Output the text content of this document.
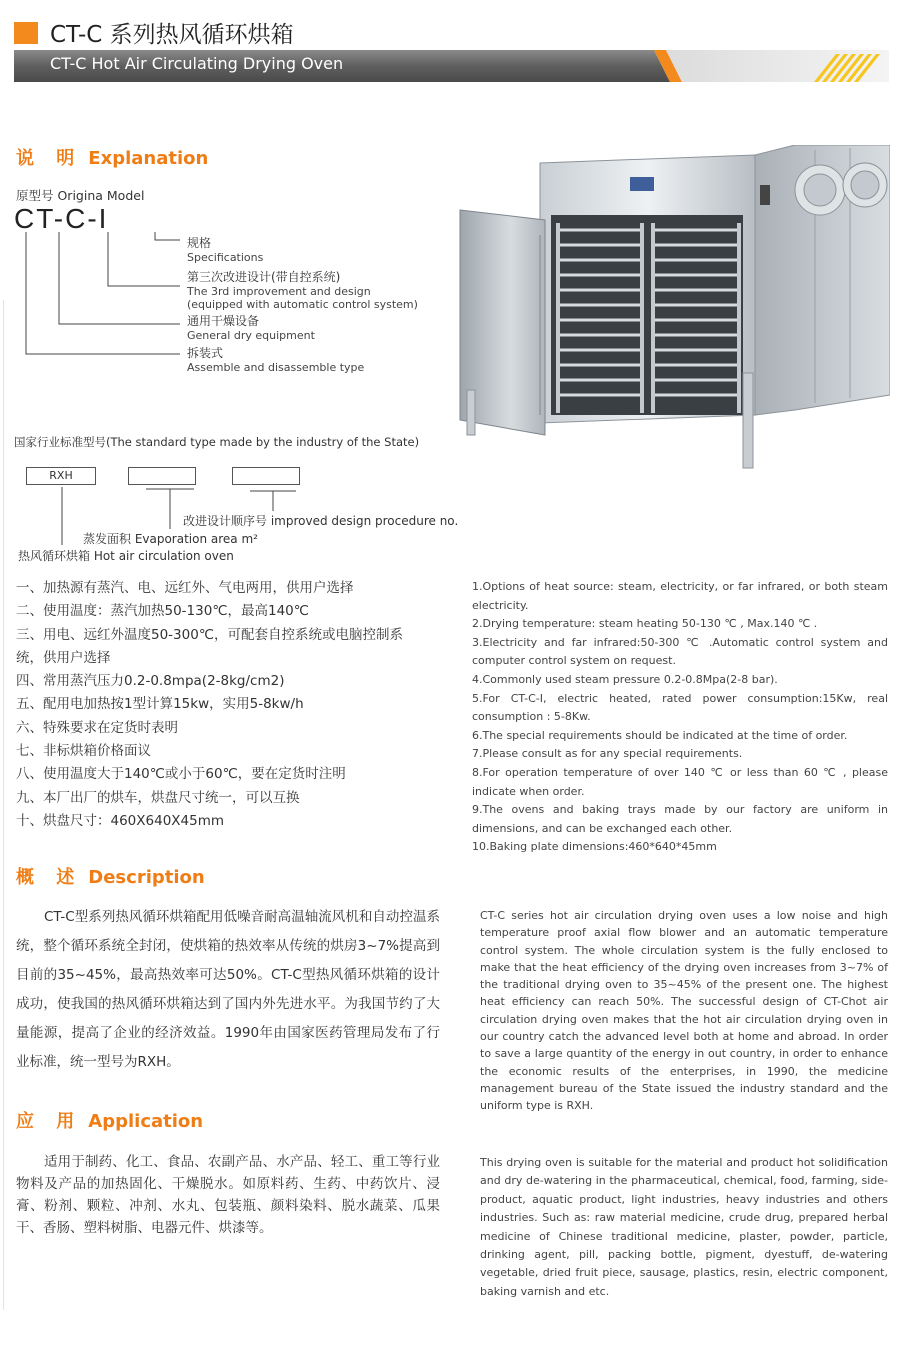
CT-C 系列热风循环烘箱
CT-C Hot Air Circulating Drying Oven
说 明 Explanation
原型号 Origina Model
CT-C-I
规格
Specifications
第三次改进设计(带自控系统)
The 3rd improvement and design
(equipped with automatic control system)
通用干燥设备
General dry equipment
拆装式
Assemble and disassemble type
国家行业标准型号(The standard type made by the industry of the State)
RXH
改进设计顺序号 improved design procedure no.
蒸发面积 Evaporation area m²
热风循环烘箱 Hot air circulation oven
一、加热源有蒸汽、电、远红外、气电两用，供用户选择
二、使用温度：蒸汽加热50-130℃，最高140℃
三、用电、远红外温度50-300℃，可配套自控系统或电脑控制系
统，供用户选择
四、常用蒸汽压力0.2-0.8mpa(2-8kg/cm2)
五、配用电加热按1型计算15kw，实用5-8kw/h
六、特殊要求在定货时表明
七、非标烘箱价格面议
八、使用温度大于140℃或小于60℃，要在定货时注明
九、本厂出厂的烘车，烘盘尺寸统一，可以互换
十、烘盘尺寸：460X640X45mm
1.Options of heat source: steam, electricity, or far infrared, or both steam electricity.
2.Drying temperature: steam heating 50-130 ℃ , Max.140 ℃ .
3.Electricity and far infrared:50-300 ℃ .Automatic control system and computer control system on request.
4.Commonly used steam pressure 0.2-0.8Mpa(2-8 bar).
5.For CT-C-I, electric heated, rated power consumption:15Kw, real consumption : 5-8Kw.
6.The special requirements should be indicated at the time of order.
7.Please consult as for any special requirements.
8.For operation temperature of over 140 ℃ or less than 60 ℃ , please indicate when order.
9.The ovens and baking trays made by our factory are uniform in dimensions, and can be exchanged each other.
10.Baking plate dimensions:460*640*45mm
概 述 Description
CT-C型系列热风循环烘箱配用低噪音耐高温轴流风机和自动控温系统，整个循环系统全封闭，使烘箱的热效率从传统的烘房3~7%提高到目前的35~45%，最高热效率可达50%。CT-C型热风循环烘箱的设计成功，使我国的热风循环烘箱达到了国内外先进水平。为我国节约了大量能源，提高了企业的经济效益。1990年由国家医药管理局发布了行业标准，统一型号为RXH。
CT-C series hot air circulation drying oven uses a low noise and high temperature proof axial flow blower and an automatic temperature control system. The whole circulation system is the fully enclosed to make that the heat efficiency of the drying oven increases from 3~7% of the traditional drying oven to 35~45% of the present one. The highest heat efficiency can reach 50%. The successful design of CT-Chot air circulation drying oven makes that the hot air circulation drying oven in our country catch the advanced level both at home and abroad. In order to save a large quantity of the energy in out country, in order to enhance the economic results of the enterprises, in 1990, the medicine management bureau of the State issued the industry standard and the uniform type is RXH.
应 用 Application
适用于制药、化工、食品、农副产品、水产品、轻工、重工等行业物料及产品的加热固化、干燥脱水。如原料药、生药、中药饮片、浸膏、粉剂、颗粒、冲剂、水丸、包装瓶、颜料染料、脱水蔬菜、瓜果干、香肠、塑料树脂、电器元件、烘漆等。
This drying oven is suitable for the material and product hot solidification and dry de-watering in the pharmaceutical, chemical, food, farming, side-product, aquatic product, light industries, heavy industries and others industries. Such as: raw material medicine, crude drug, prepared herbal medicine of Chinese traditional medicine, plaster, powder, particle, drinking agent, pill, packing bottle, pigment, dyestuff, de-watering vegetable, dried fruit piece, sausage, plastics, resin, electric component, baking varnish and etc.
